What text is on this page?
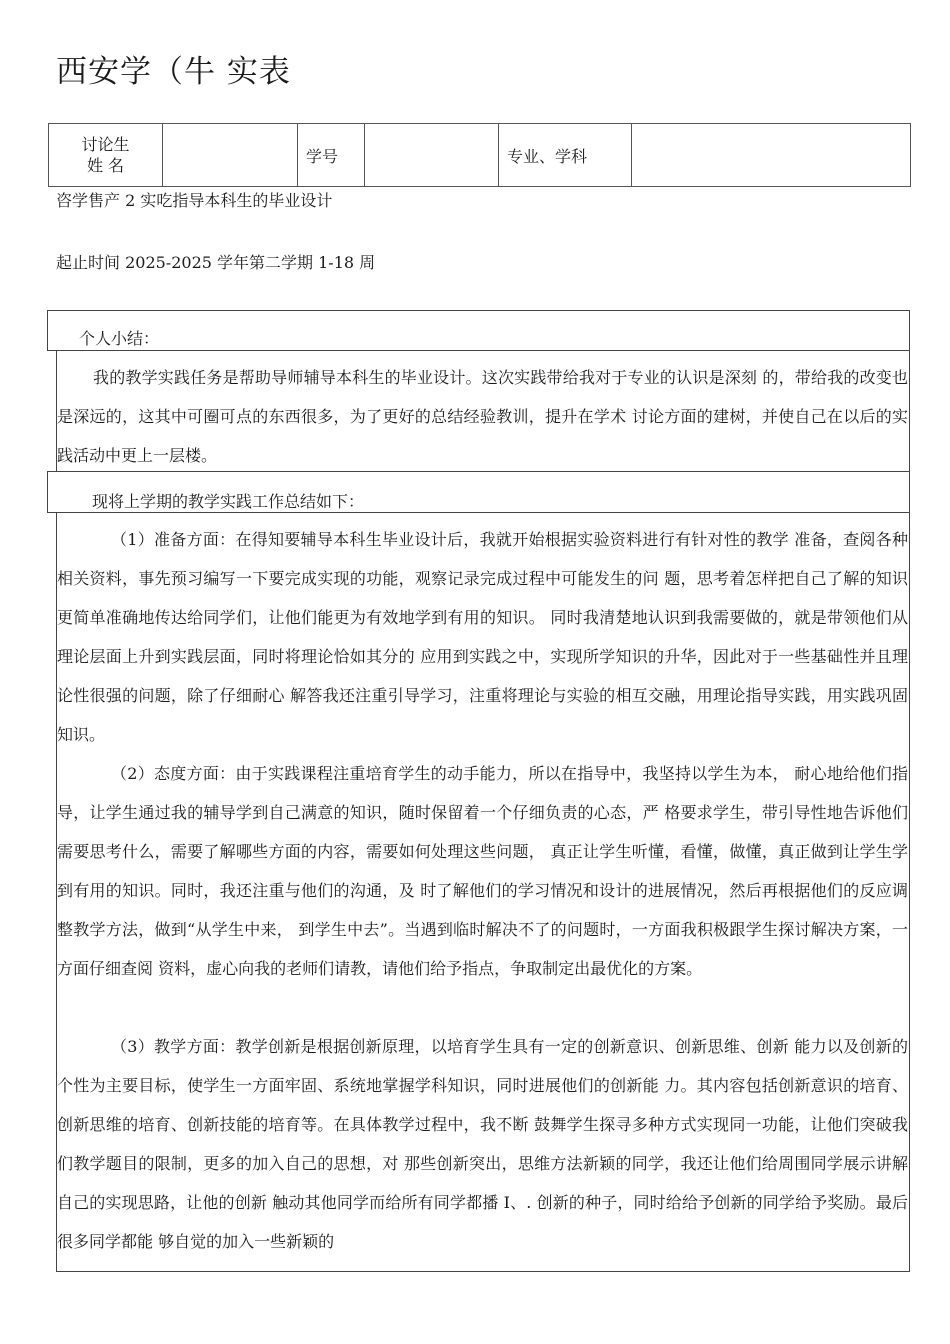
西安学（牛 实表
讨论生
姓 名		学号		专业、学科	

咨学售产 2 实吃指导本科生的毕业设计

起止时间 2025-2025 学年第二学期 1-18 周

个人小结：

我的教学实践任务是帮助导师辅导本科生的毕业设计。这次实践带给我对于专业的认识是深刻 的，带给我的改变也是深远的，这其中可圈可点的东西很多，为了更好的总结经验教训，提升在学术 讨论方面的建树，并使自己在以后的实践活动中更上一层楼。

现将上学期的教学实践工作总结如下：

（1）准备方面：在得知要辅导本科生毕业设计后，我就开始根据实验资料进行有针对性的教学 准备，查阅各种相关资料，事先预习编写一下要完成实现的功能，观察记录完成过程中可能发生的问 题，思考着怎样把自己了解的知识更简单准确地传达给同学们，让他们能更为有效地学到有用的知识。 同时我清楚地认识到我需要做的，就是带领他们从理论层面上升到实践层面，同时将理论恰如其分的 应用到实践之中，实现所学知识的升华，因此对于一些基础性并且理论性很强的问题，除了仔细耐心 解答我还注重引导学习，注重将理论与实验的相互交融，用理论指导实践，用实践巩固知识。

（2）态度方面：由于实践课程注重培育学生的动手能力，所以在指导中，我坚持以学生为本， 耐心地给他们指导，让学生通过我的辅导学到自己满意的知识，随时保留着一个仔细负责的心态，严 格要求学生，带引导性地告诉他们需要思考什么，需要了解哪些方面的内容，需要如何处理这些问题， 真正让学生听懂，看懂，做懂，真正做到让学生学到有用的知识。同时，我还注重与他们的沟通，及 时了解他们的学习情况和设计的进展情况，然后再根据他们的反应调整教学方法，做到“从学生中来， 到学生中去”。当遇到临时解决不了的问题时，一方面我积极跟学生探讨解决方案，一方面仔细查阅 资料，虚心向我的老师们请教，请他们给予指点，争取制定出最优化的方案。

（3）教学方面：教学创新是根据创新原理，以培育学生具有一定的创新意识、创新思维、创新 能力以及创新的个性为主要目标，使学生一方面牢固、系统地掌握学科知识，同时进展他们的创新能 力。其内容包括创新意识的培育、创新思维的培育、创新技能的培育等。在具体教学过程中，我不断 鼓舞学生探寻多种方式实现同一功能，让他们突破我们教学题目的限制，更多的加入自己的思想，对 那些创新突出，思维方法新颖的同学，我还让他们给周围同学展示讲解自己的实现思路，让他的创新 触动其他同学而给所有同学都播 I、. 创新的种子，同时给给予创新的同学给予奖励。最后很多同学都能 够自觉的加入一些新颖的
